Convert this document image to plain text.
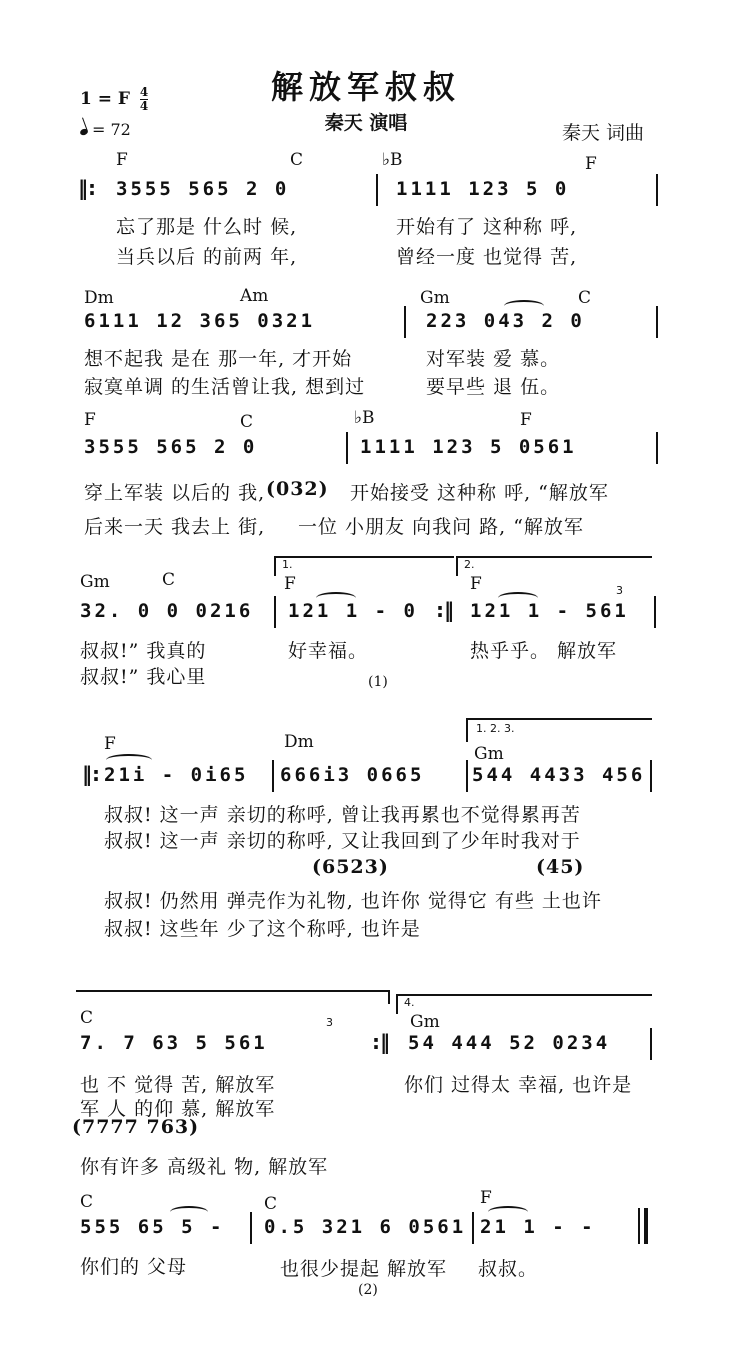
1 = F $\frac{4}{4}$	解放军叔叔
秦天 演唱
= 72	秦天 词曲
‖:
F	C	♭B	F
3555 565 2 0	1111 123 5 0
忘了那是 什么时 候,	开始有了 这种称 呼,
当兵以后 的前两 年,	曾经一度 也觉得 苦,
Dm	Am	Gm	C
6111 12 365 0321	223 043 2 0
想不起我 是在 那一年, 才开始	对军装 爱 慕。
寂寞单调 的生活曾让我, 想到过	要早些 退 伍。
F	C	♭B	F
3555 565 2 0	1111 123 5 0561
穿上军装 以后的 我, (032) 开始接受 这种称 呼, “解放军
后来一天 我去上 街, 一位 小朋友 向我问 路, “解放军
1.	2.
Gm	C	F	F
32. 0 0 0216 121 1 - 0 :‖ 121 1 - 561
3
叔叔!” 我真的	好幸福。	热乎乎。 解放军
叔叔!” 我心里	(1)
1. 2. 3.
‖:
F	Dm
Gm
21i - 0i65 666i3 0665	544 4433 456
叔叔! 这一声 亲切的称呼, 曾让我再累也不觉得累再苦
叔叔! 这一声 亲切的称呼, 又让我回到了少年时我对于
(6523)	(45)
叔叔! 仍然用 弹壳作为礼物, 也许你 觉得它 有些 土也许
叔叔! 这些年 少了这个称呼, 也许是
4.
C	Gm
7. 7 63 5 561
3
:‖ 54 444 52 0234
也 不 觉得 苦, 解放军	你们 过得太 幸福, 也许是
军 人 的仰 慕, 解放军
(7777 763)
你有许多 高级礼 物, 解放军
C	C	F
555 65 5 - 0.5 321 6 0561 21 1 - -
你们的 父母	也很少提起 解放军 叔叔。
(2)
